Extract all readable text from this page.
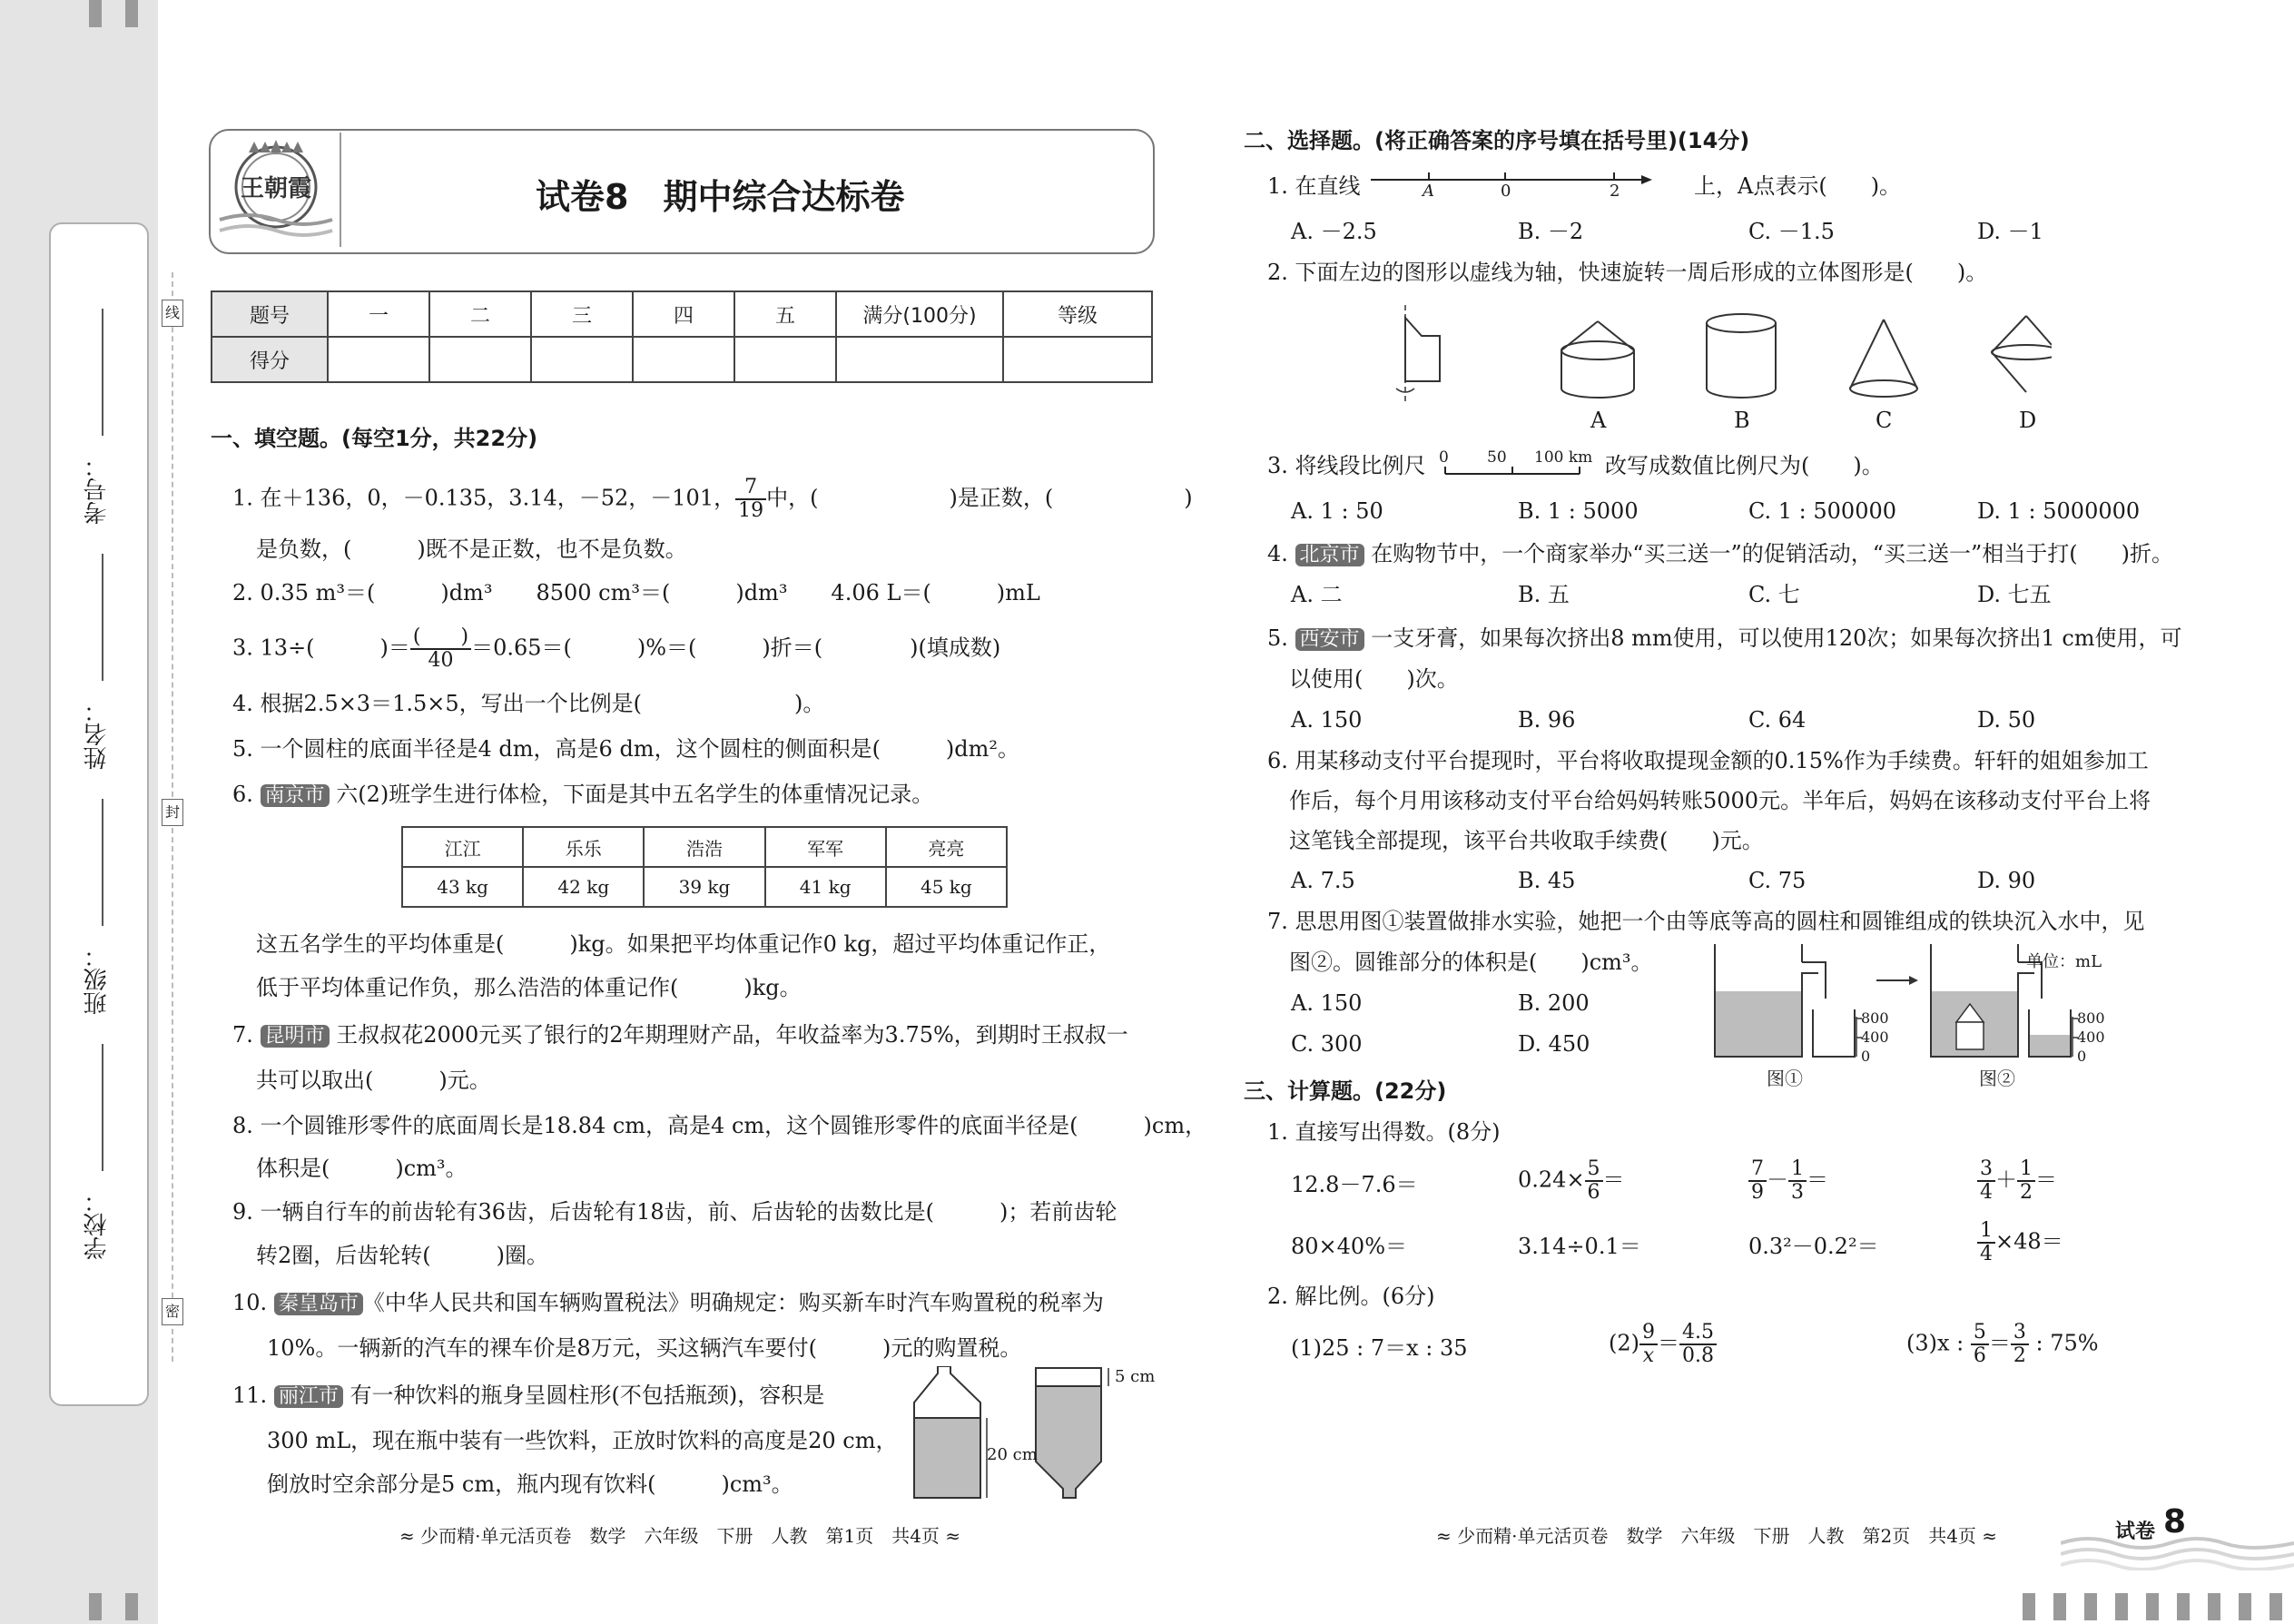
考号：
姓名：
班级：
学校：
线
封
密
王朝霞	试卷8　期中综合达标卷
题号	一	二	三	四	五	满分(100分)	等级
得分							
一、填空题。(每空1分，共22分)
1. 在＋136，0，－0.135，3.14，－52，－101， $\frac{7}{19}$ 中，(　　　　　　)是正数，(　　　　　　)
是负数，(　　　)既不是正数，也不是负数。
2. 0.35 m³＝(　　　)dm³　　8500 cm³＝(　　　)dm³　　4.06 L＝(　　　)mL
3. 13÷(　　　)＝ $\frac{( )}{40} =0.65=$(　　　)%＝(　　　)折＝(　　　　)(填成数)
4. 根据2.5×3＝1.5×5，写出一个比例是(　　　　　　　)。
5. 一个圆柱的底面半径是4 dm，高是6 dm，这个圆柱的侧面积是(　　　)dm²。
6. 南京市 六(2)班学生进行体检，下面是其中五名学生的体重情况记录。
江江	乐乐	浩浩	军军	亮亮
43 kg	42 kg	39 kg	41 kg	45 kg
这五名学生的平均体重是(　　　)kg。如果把平均体重记作0 kg，超过平均体重记作正，
低于平均体重记作负，那么浩浩的体重记作(　　　)kg。
7. 昆明市 王叔叔花2000元买了银行的2年期理财产品，年收益率为3.75%，到期时王叔叔一
共可以取出(　　　)元。
8. 一个圆锥形零件的底面周长是18.84 cm，高是4 cm，这个圆锥形零件的底面半径是(　　　)cm，
体积是(　　　)cm³。
9. 一辆自行车的前齿轮有36齿，后齿轮有18齿，前、后齿轮的齿数比是(　　　)；若前齿轮
转2圈，后齿轮转(　　　)圈。
10. 秦皇岛市 《中华人民共和国车辆购置税法》明确规定：购买新车时汽车购置税的税率为
10%。一辆新的汽车的裸车价是8万元，买这辆汽车要付(　　　)元的购置税。
11. 丽江市 有一种饮料的瓶身呈圆柱形(不包括瓶颈)，容积是
300 mL，现在瓶中装有一些饮料，正放时饮料的高度是20 cm，
倒放时空余部分是5 cm，瓶内现有饮料(　　　)cm³。
5 cm
20 cm
≈ 少而精·单元活页卷　数学　六年级　下册　人教　第1页　共4页 ≈
二、选择题。(将正确答案的序号填在括号里)(14分)
1. 在直线	A	0	2	上，A点表示(　　)。
A. －2.5	B. －2	C. －1.5	D. －1
2. 下面左边的图形以虚线为轴，快速旋转一周后形成的立体图形是(　　)。
A	B	C	D
3. 将线段比例尺 0 50 100 km 改写成数值比例尺为(　　)。
A. 1 : 50	B. 1 : 5000	C. 1 : 500000	D. 1 : 5000000
4. 北京市 在购物节中，一个商家举办“买三送一”的促销活动，“买三送一”相当于打(　　)折。
A. 二	B. 五	C. 七	D. 七五
5. 西安市 一支牙膏，如果每次挤出8 mm使用，可以使用120次；如果每次挤出1 cm使用，可
以使用(　　)次。
A. 150	B. 96	C. 64	D. 50
6. 用某移动支付平台提现时，平台将收取提现金额的0.15%作为手续费。轩轩的姐姐参加工
作后，每个月用该移动支付平台给妈妈转账5000元。半年后，妈妈在该移动支付平台上将
这笔钱全部提现，该平台共收取手续费(　　)元。
A. 7.5	B. 45	C. 75	D. 90
7. 思思用图①装置做排水实验，她把一个由等底等高的圆柱和圆锥组成的铁块沉入水中，见
图②。圆锥部分的体积是(　　)cm³。
A. 150	B. 200
C. 300	D. 450
单位：mL
800
400
0
800
400
0
图①	图②
三、计算题。(22分)
1. 直接写出得数。(8分)
12.8－7.6＝	$0.24\times \frac{5}{6}$ ＝	$\frac{7}{9} - \frac{1}{3}$ ＝	$\frac{3}{4} + \frac{1}{2}$ ＝
80×40%＝	3.14÷0.1＝	0.3²－0.2²＝	$\frac{1}{4} \times 48=$
2. 解比例。(6分)
(1)25 : 7＝x : 35	$(2) \frac{9}{x} = \frac{4.5}{0.8}$	(3)x : $\frac{5}{6} = \frac{3}{2}$ : 75%
≈ 少而精·单元活页卷　数学　六年级　下册　人教　第2页　共4页 ≈	试卷 8
